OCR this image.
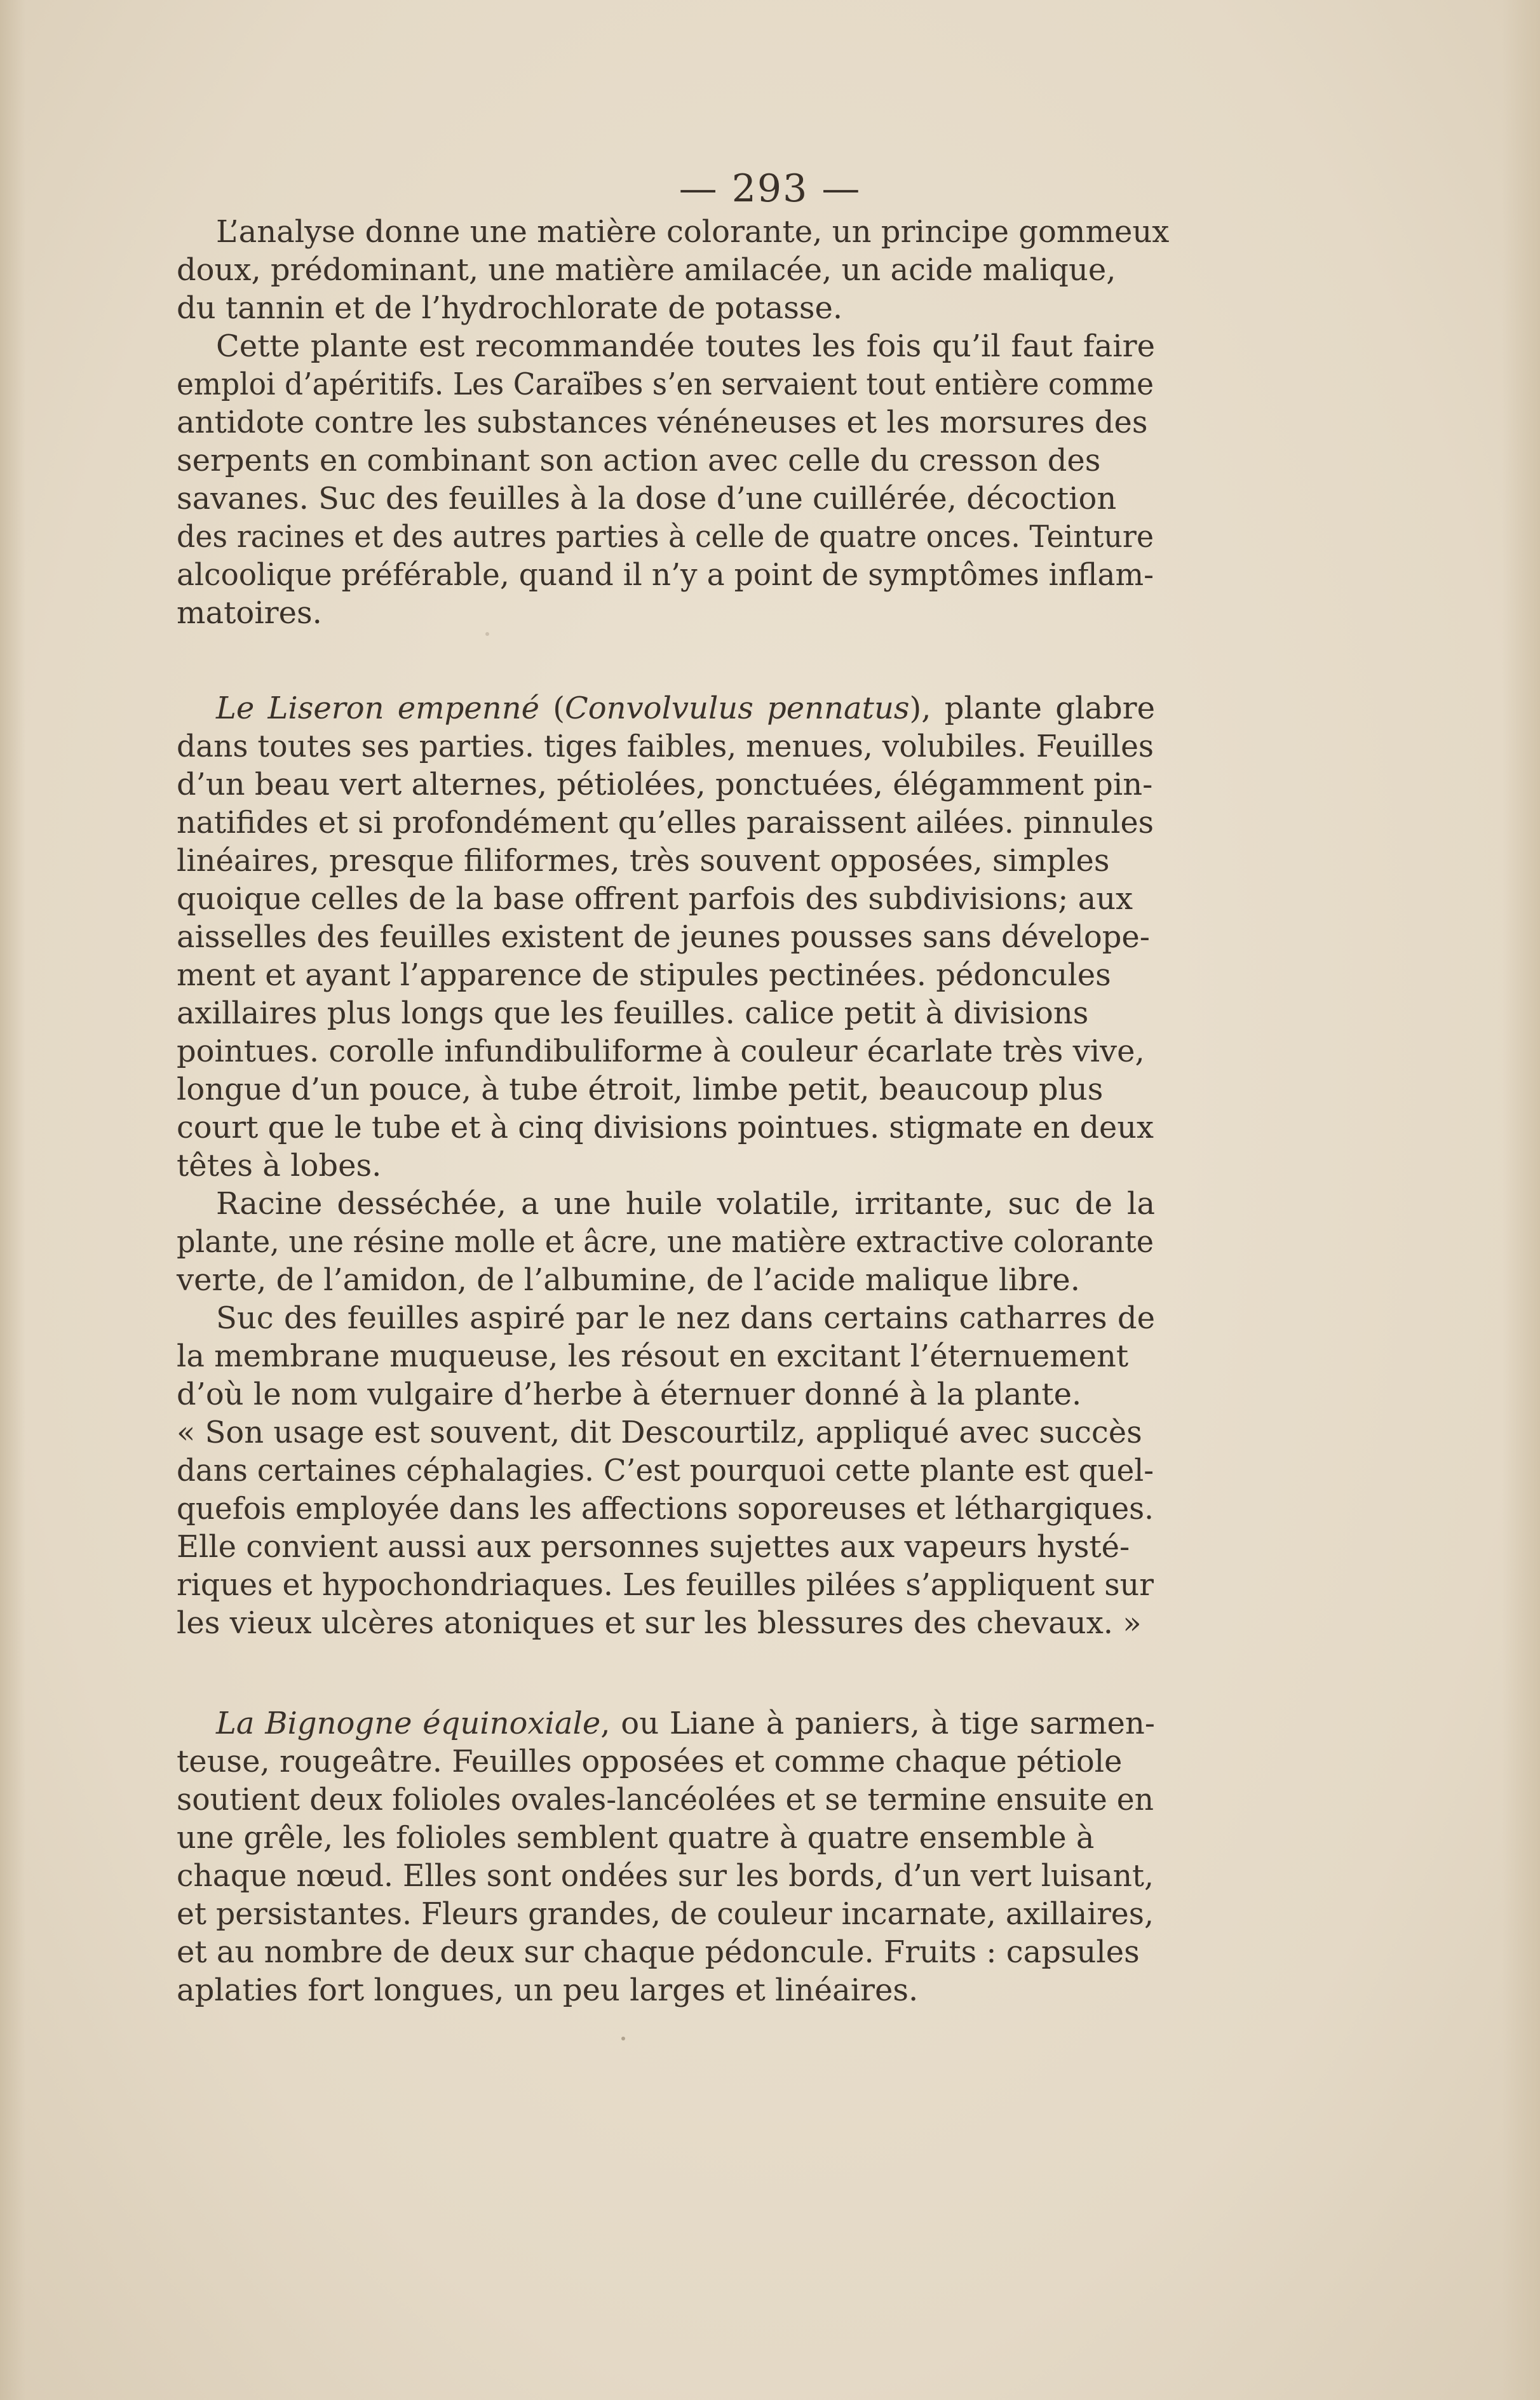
— 293 —
L’analyse donne une matière colorante, un principe gommeux
doux, prédominant, une matière amilacée, un acide malique,
du tannin et de l’hydrochlorate de potasse.
Cette plante est recommandée toutes les fois qu’il faut faire
emploi d’apéritifs. Les Caraïbes s’en servaient tout entière comme
antidote contre les substances vénéneuses et les morsures des
serpents en combinant son action avec celle du cresson des
savanes. Suc des feuilles à la dose d’une cuillérée, décoction
des racines et des autres parties à celle de quatre onces. Teinture
alcoolique préférable, quand il n’y a point de symptômes inflam-
matoires.
Le Liseron empenné (Convolvulus pennatus), plante glabre
dans toutes ses parties. tiges faibles, menues, volubiles. Feuilles
d’un beau vert alternes, pétiolées, ponctuées, élégamment pin-
natifides et si profondément qu’elles paraissent ailées. pinnules
linéaires, presque filiformes, très souvent opposées, simples
quoique celles de la base offrent parfois des subdivisions; aux
aisselles des feuilles existent de jeunes pousses sans dévelope-
ment et ayant l’apparence de stipules pectinées. pédoncules
axillaires plus longs que les feuilles. calice petit à divisions
pointues. corolle infundibuliforme à couleur écarlate très vive,
longue d’un pouce, à tube étroit, limbe petit, beaucoup plus
court que le tube et à cinq divisions pointues. stigmate en deux
têtes à lobes.
Racine desséchée, a une huile volatile, irritante, suc de la
plante, une résine molle et âcre, une matière extractive colorante
verte, de l’amidon, de l’albumine, de l’acide malique libre.
Suc des feuilles aspiré par le nez dans certains catharres de
la membrane muqueuse, les résout en excitant l’éternuement
d’où le nom vulgaire d’herbe à éternuer donné à la plante.
« Son usage est souvent, dit Descourtilz, appliqué avec succès
dans certaines céphalagies. C’est pourquoi cette plante est quel-
quefois employée dans les affections soporeuses et léthargiques.
Elle convient aussi aux personnes sujettes aux vapeurs hysté-
riques et hypochondriaques. Les feuilles pilées s’appliquent sur
les vieux ulcères atoniques et sur les blessures des chevaux. »
La Bignogne équinoxiale, ou Liane à paniers, à tige sarmen-
teuse, rougeâtre. Feuilles opposées et comme chaque pétiole
soutient deux folioles ovales-lancéolées et se termine ensuite en
une grêle, les folioles semblent quatre à quatre ensemble à
chaque nœud. Elles sont ondées sur les bords, d’un vert luisant,
et persistantes. Fleurs grandes, de couleur incarnate, axillaires,
et au nombre de deux sur chaque pédoncule. Fruits : capsules
aplaties fort longues, un peu larges et linéaires.
